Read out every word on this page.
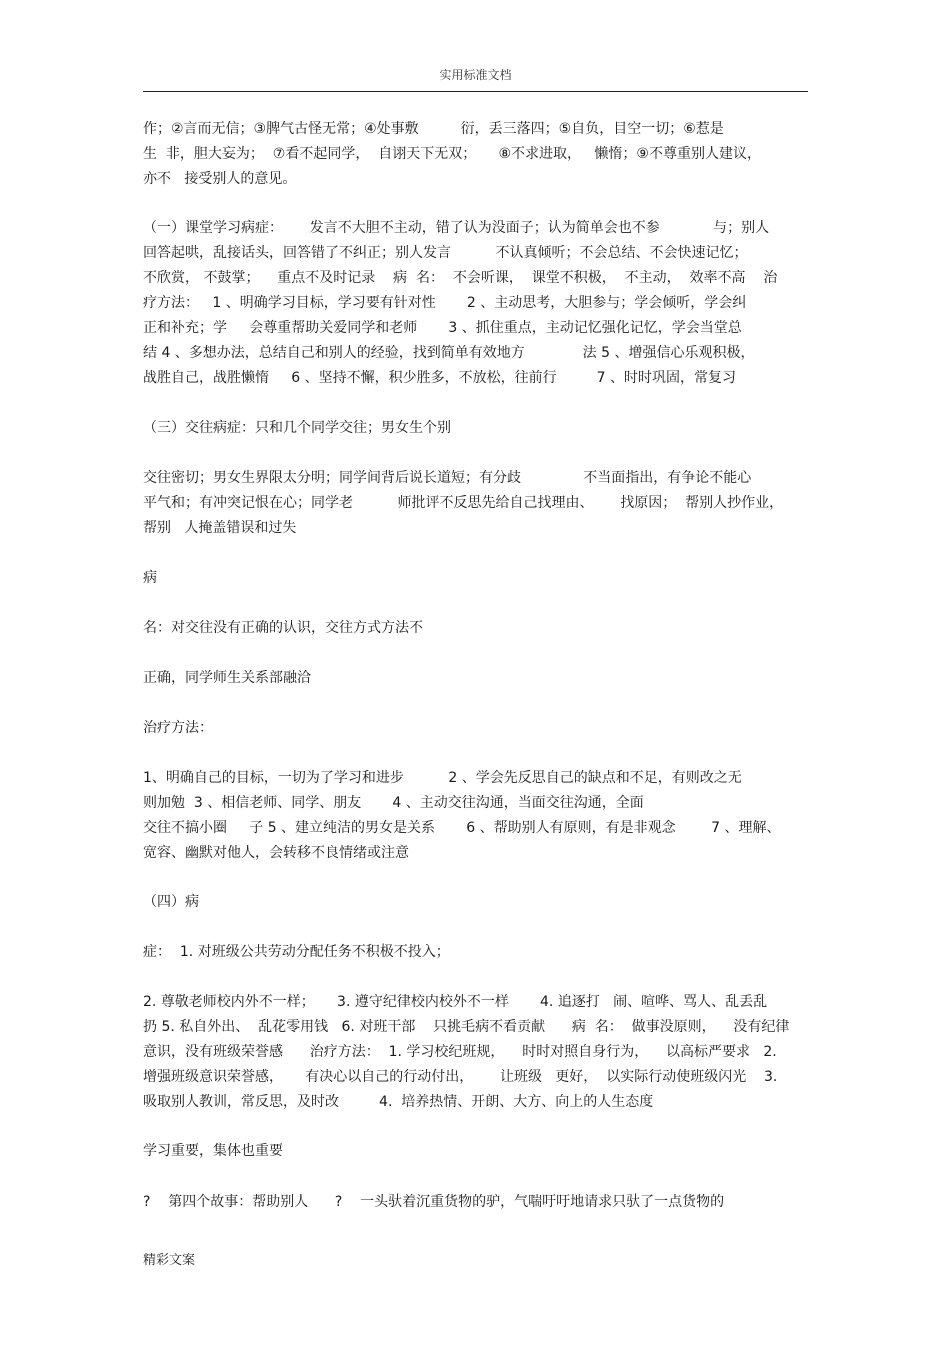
实用标准文档
作；②言而无信；③脾气古怪无常；④处事敷　　　衍，丢三落四；⑤自负，目空一切；⑥惹是
生  非，胆大妄为；  ⑦看不起同学，  自诩天下无双；     ⑧不求进取，   懒惰；⑨不尊重别人建议，
亦不   接受别人的意见。
（一）课堂学习病症：      发言不大胆不主动，错了认为没面子；认为简单会也不参            与；别人
回答起哄，乱接话头，回答错了不纠正；别人发言          不认真倾听；不会总结、不会快速记忆；
不欣赏， 不鼓掌；    重点不及时记录    病  名：  不会听课，  课堂不积极，  不主动，  效率不高    治
疗方法：   1 、明确学习目标，学习要有针对性       2 、主动思考，大胆参与；学会倾听，学会纠
正和补充；学     会尊重帮助关爱同学和老师       3 、抓住重点，主动记忆强化记忆，学会当堂总
结 4 、多想办法，总结自己和别人的经验，找到简单有效地方             法 5 、增强信心乐观积极，
战胜自己，战胜懒惰     6 、坚持不懈，积少胜多，不放松，往前行         7 、时时巩固，常复习
（三）交往病症：只和几个同学交往；男女生个别
交往密切；男女生界限太分明；同学间背后说长道短；有分歧              不当面指出，有争论不能心
平气和；有冲突记恨在心；同学老          师批评不反思先给自己找理由、      找原因；  帮别人抄作业，
帮别   人掩盖错误和过失
病
名：对交往没有正确的认识，交往方式方法不
正确，同学师生关系部融洽
治疗方法：
1、明确自己的目标，一切为了学习和进步          2 、学会先反思自己的缺点和不足，有则改之无
则加勉  3 、相信老师、同学、朋友       4 、主动交往沟通，当面交往沟通，全面
交往不搞小圈     子 5 、建立纯洁的男女是关系       6 、帮助别人有原则，有是非观念        7 、理解、
宽容、幽默对他人，会转移不良情绪或注意
（四）病
症：  1. 对班级公共劳动分配任务不积极不投入；
2. 尊敬老师校内外不一样；     3. 遵守纪律校内校外不一样       4. 追逐打   闹、喧哗、骂人、乱丢乱
扔 5. 私自外出、  乱花零用钱   6. 对班干部    只挑毛病不看贡献      病  名：  做事没原则，    没有纪律
意识，没有班级荣誉感      治疗方法：  1. 学习校纪班规，    时时对照自身行为，    以高标严要求   2.
增强班级意识荣誉感，     有决心以自己的行动付出，      让班级   更好，  以实际行动使班级闪光    3.
吸取别人教训，常反思，及时改         4.  培养热情、开朗、大方、向上的人生态度
学习重要，集体也重要
?    第四个故事：帮助别人      ?    一头驮着沉重货物的驴，气喘吁吁地请求只驮了一点货物的
精彩文案
